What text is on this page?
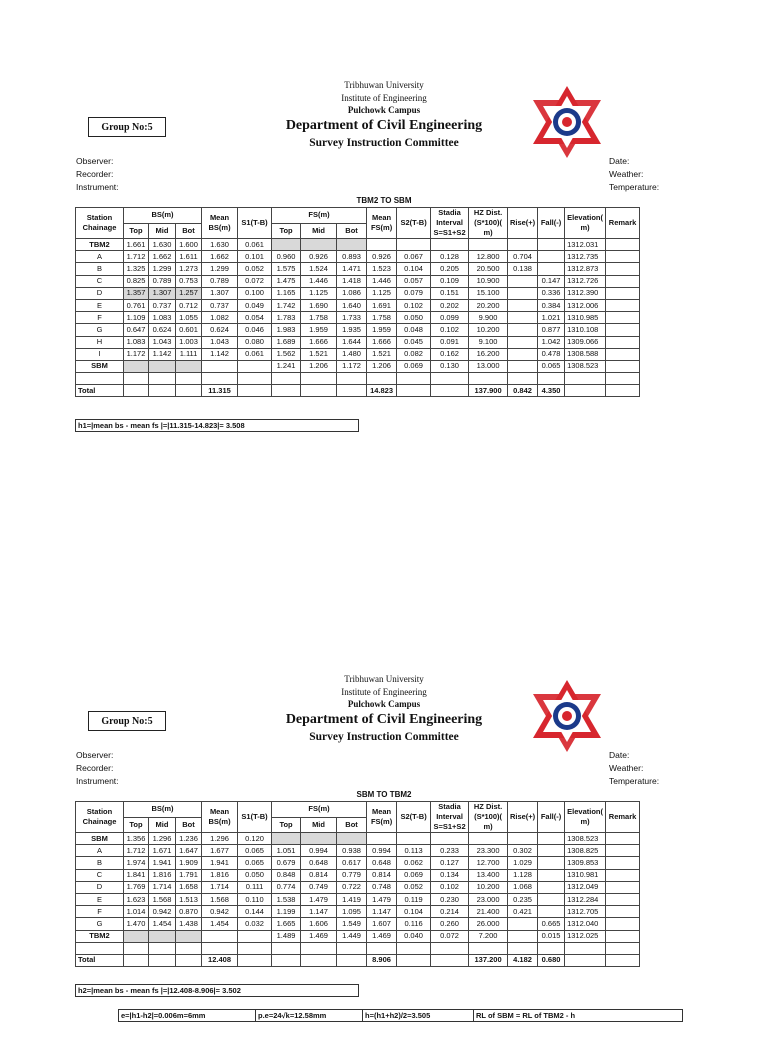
Tribhuwan University
Institute of Engineering
Pulchowk Campus
Department of Civil Engineering
Survey Instruction Committee
Group No:5
Observer:
Recorder:
Instrument:
Date:
Weather:
Temperature:
TBM2 TO SBM
Station Chainage	BS(m)			Mean BS(m)	S1(T-B)	FS(m)			Mean FS(m)	S2(T-B)	Stadia Interval S=S1+S2	HZ Dist. (S*100)( m)	Rise(+)	Fall(-)	Elevation( m)	Remark
	Top	Mid	Bot			Top	Mid	Bot								
TBM2	1.661	1.630	1.600	1.630	0.061										1312.031	
A	1.712	1.662	1.611	1.662	0.101	0.960	0.926	0.893	0.926	0.067	0.128	12.800	0.704		1312.735	
B	1.325	1.299	1.273	1.299	0.052	1.575	1.524	1.471	1.523	0.104	0.205	20.500	0.138		1312.873	
C	0.825	0.789	0.753	0.789	0.072	1.475	1.446	1.418	1.446	0.057	0.109	10.900		0.147	1312.726	
D	1.357	1.307	1.257	1.307	0.100	1.165	1.125	1.086	1.125	0.079	0.151	15.100		0.336	1312.390	
E	0.761	0.737	0.712	0.737	0.049	1.742	1.690	1.640	1.691	0.102	0.202	20.200		0.384	1312.006	
F	1.109	1.083	1.055	1.082	0.054	1.783	1.758	1.733	1.758	0.050	0.099	9.900		1.021	1310.985	
G	0.647	0.624	0.601	0.624	0.046	1.983	1.959	1.935	1.959	0.048	0.102	10.200		0.877	1310.108	
H	1.083	1.043	1.003	1.043	0.080	1.689	1.666	1.644	1.666	0.045	0.091	9.100		1.042	1309.066	
I	1.172	1.142	1.111	1.142	0.061	1.562	1.521	1.480	1.521	0.082	0.162	16.200		0.478	1308.588	
SBM						1.241	1.206	1.172	1.206	0.069	0.130	13.000		0.065	1308.523	

Total				11.315					14.823			137.900	0.842	4.350		
h1=|mean bs - mean fs |=|11.315-14.823|= 3.508
Tribhuwan University
Institute of Engineering
Pulchowk Campus
Department of Civil Engineering
Survey Instruction Committee
Group No:5
Observer:
Recorder:
Instrument:
Date:
Weather:
Temperature:
SBM TO TBM2
Station Chainage	BS(m)			Mean BS(m)	S1(T-B)	FS(m)			Mean FS(m)	S2(T-B)	Stadia Interval S=S1+S2	HZ Dist. (S*100)( m)	Rise(+)	Fall(-)	Elevation( m)	Remark
	Top	Mid	Bot			Top	Mid	Bot								
SBM	1.356	1.296	1.236	1.296	0.120										1308.523	
A	1.712	1.671	1.647	1.677	0.065	1.051	0.994	0.938	0.994	0.113	0.233	23.300	0.302		1308.825	
B	1.974	1.941	1.909	1.941	0.065	0.679	0.648	0.617	0.648	0.062	0.127	12.700	1.029		1309.853	
C	1.841	1.816	1.791	1.816	0.050	0.848	0.814	0.779	0.814	0.069	0.134	13.400	1.128		1310.981	
D	1.769	1.714	1.658	1.714	0.111	0.774	0.749	0.722	0.748	0.052	0.102	10.200	1.068		1312.049	
E	1.623	1.568	1.513	1.568	0.110	1.538	1.479	1.419	1.479	0.119	0.230	23.000	0.235		1312.284	
F	1.014	0.942	0.870	0.942	0.144	1.199	1.147	1.095	1.147	0.104	0.214	21.400	0.421		1312.705	
G	1.470	1.454	1.438	1.454	0.032	1.665	1.606	1.549	1.607	0.116	0.260	26.000		0.665	1312.040	
TBM2						1.489	1.469	1.449	1.469	0.040	0.072	7.200		0.015	1312.025	

Total				12.408					8.906			137.200	4.182	0.680		
h2=|mean bs - mean fs |=|12.408-8.906|= 3.502
e=|h1-h2|=0.006m=6mm	p.e=24√k=12.58mm	h=(h1+h2)/2=3.505	RL of SBM = RL of TBM2 - h
